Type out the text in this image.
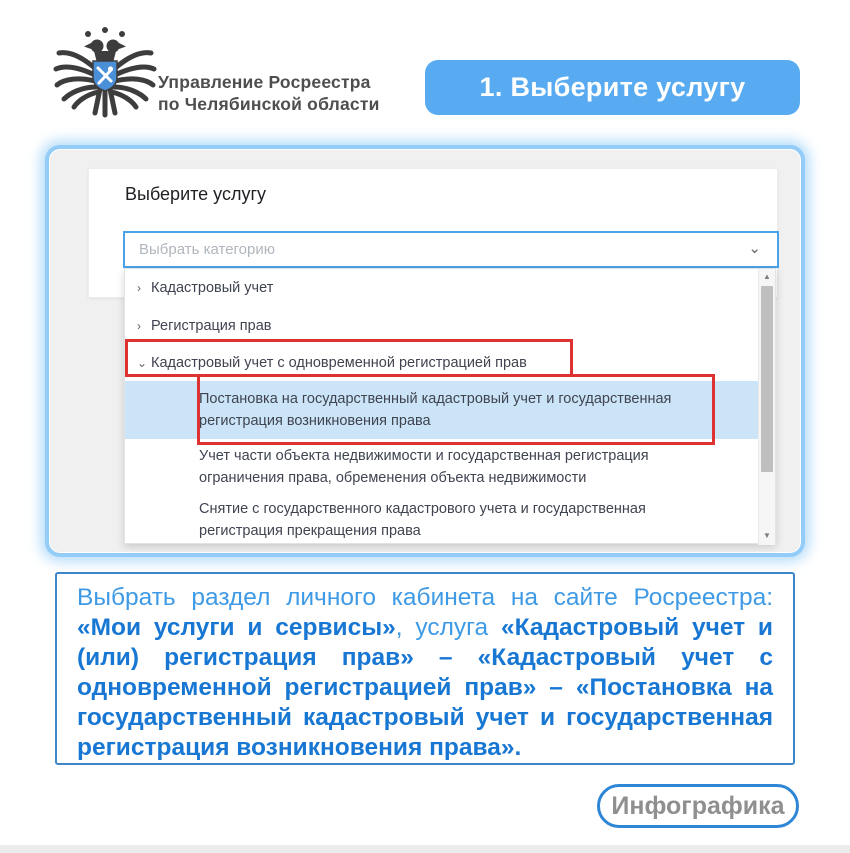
Управление Росреестра
по Челябинской области
1. Выберите услугу
Выберите услугу
Выбрать категорию	⌄
› Кадастровый учет
› Регистрация прав
⌄ Кадастровый учет с одновременной регистрацией прав
Постановка на государственный кадастровый учет и государственная регистрация возникновения права
Учет части объекта недвижимости и государственная регистрация ограничения права, обременения объекта недвижимости
Снятие с государственного кадастрового учета и государственная регистрация прекращения права
▲
▼
Выбрать раздел личного кабинета на сайте Росреестра: «Мои услуги и сервисы», услуга «Кадастровый учет и (или) регистрация прав» – «Кадастровый учет с одновременной регистрацией прав» – «Постановка на государственный кадастровый учет и государственная регистрация возникновения права».
Инфографика
